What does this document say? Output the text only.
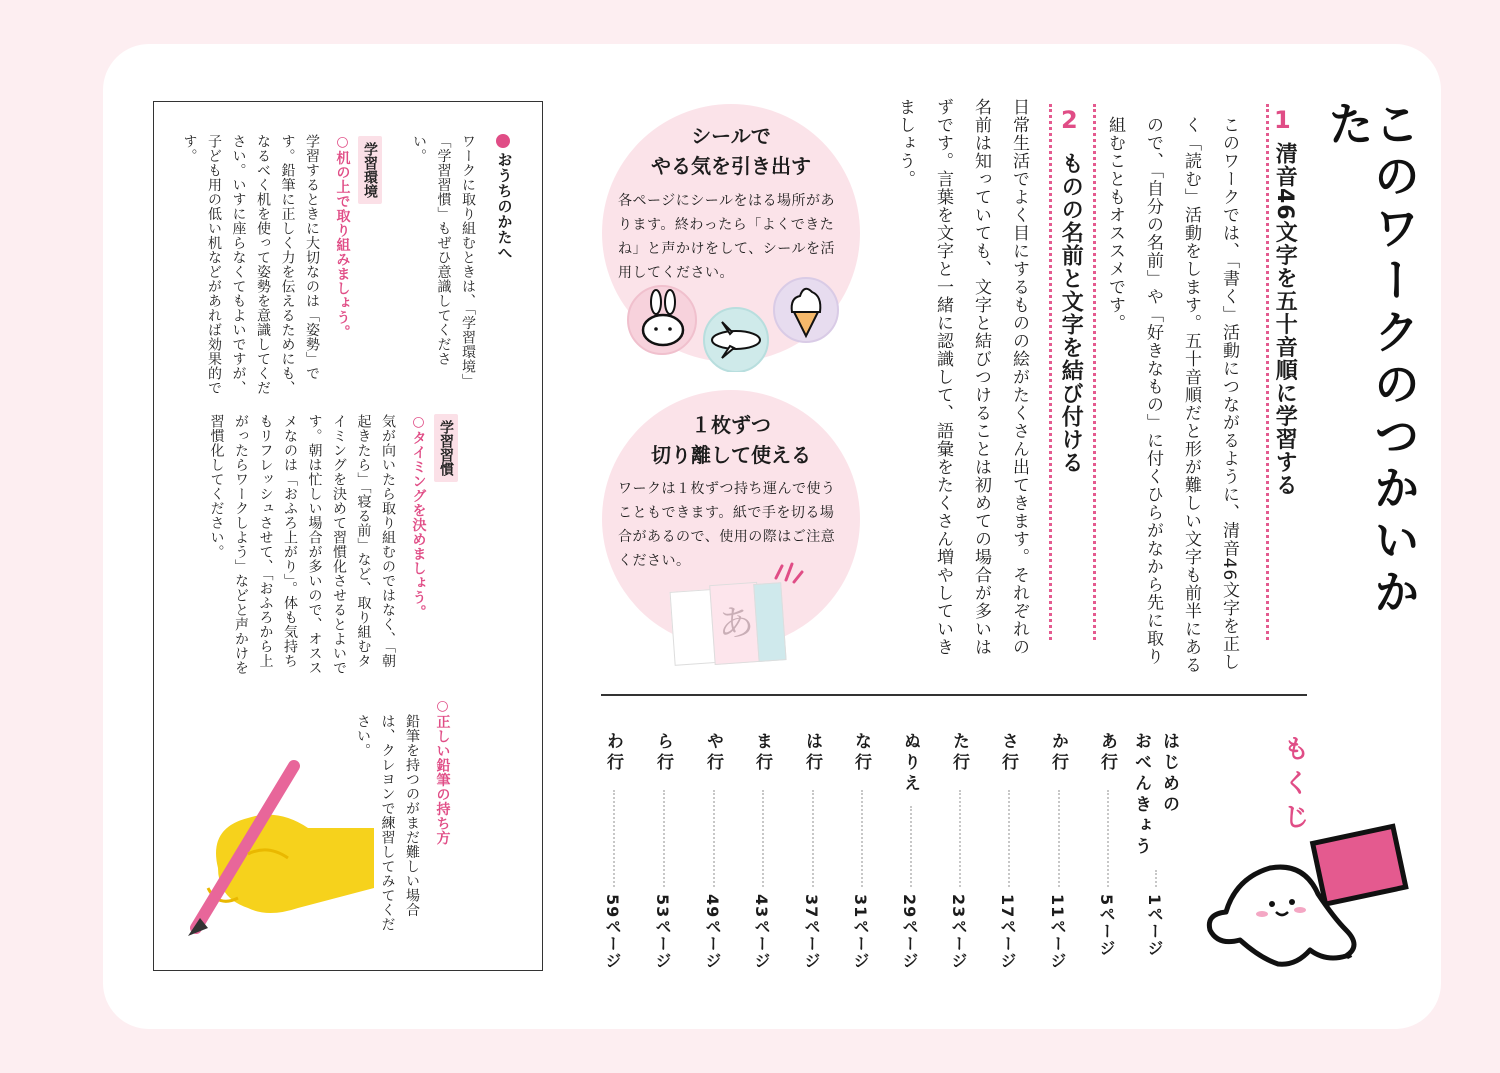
このワークのつかいかた
1
清音46文字を五十音順に学習する
このワークでは、「書く」活動につながるように、清音46文字を正しく「読む」活動をします。五十音順だと形が難しい文字も前半にあるので、「自分の名前」や「好きなもの」に付くひらがなから先に取り組むこともオススメです。
2
ものの名前と文字を結び付ける
日常生活でよく目にするものの絵がたくさん出てきます。それぞれの名前は知っていても、文字と結びつけることは初めての場合が多いはずです。言葉を文字と一緒に認識して、語彙をたくさん増やしていきましょう。
シールで
やる気を引き出す
各ページにシールをはる場所があります。終わったら「よくできたね」と声かけをして、シールを活用してください。
１枚ずつ
切り離して使える
ワークは１枚ずつ持ち運んで使うこともできます。紙で手を切る場合があるので、使用の際はご注意ください。
あ
おうちのかたへ
ワークに取り組むときは、「学習環境」「学習習慣」もぜひ意識してください。
学習環境
○机の上で取り組みましょう。
学習するときに大切なのは「姿勢」です。鉛筆に正しく力を伝えるためにも、なるべく机を使って姿勢を意識してください。いすに座らなくてもよいですが、子ども用の低い机などがあれば効果的です。
学習習慣
○タイミングを決めましょう。
気が向いたら取り組むのではなく、「朝起きたら」「寝る前」など、取り組むタイミングを決めて習慣化させるとよいです。朝は忙しい場合が多いので、オススメなのは「おふろ上がり」。体も気持ちもリフレッシュさせて、「おふろから上がったらワークしよう」などと声かけを習慣化してください。
○正しい鉛筆の持ち方
鉛筆を持つのがまだ難しい場合は、クレヨンで練習してみてください。	もくじ
はじめの
おべんきょう
1ページ
あ行
5ページ
か行
11ページ
さ行
17ページ
た行
23ページ
ぬりえ
29ページ
な行
31ページ
は行
37ページ
ま行
43ページ
や行
49ページ
ら行
53ページ
わ行
59ページ
